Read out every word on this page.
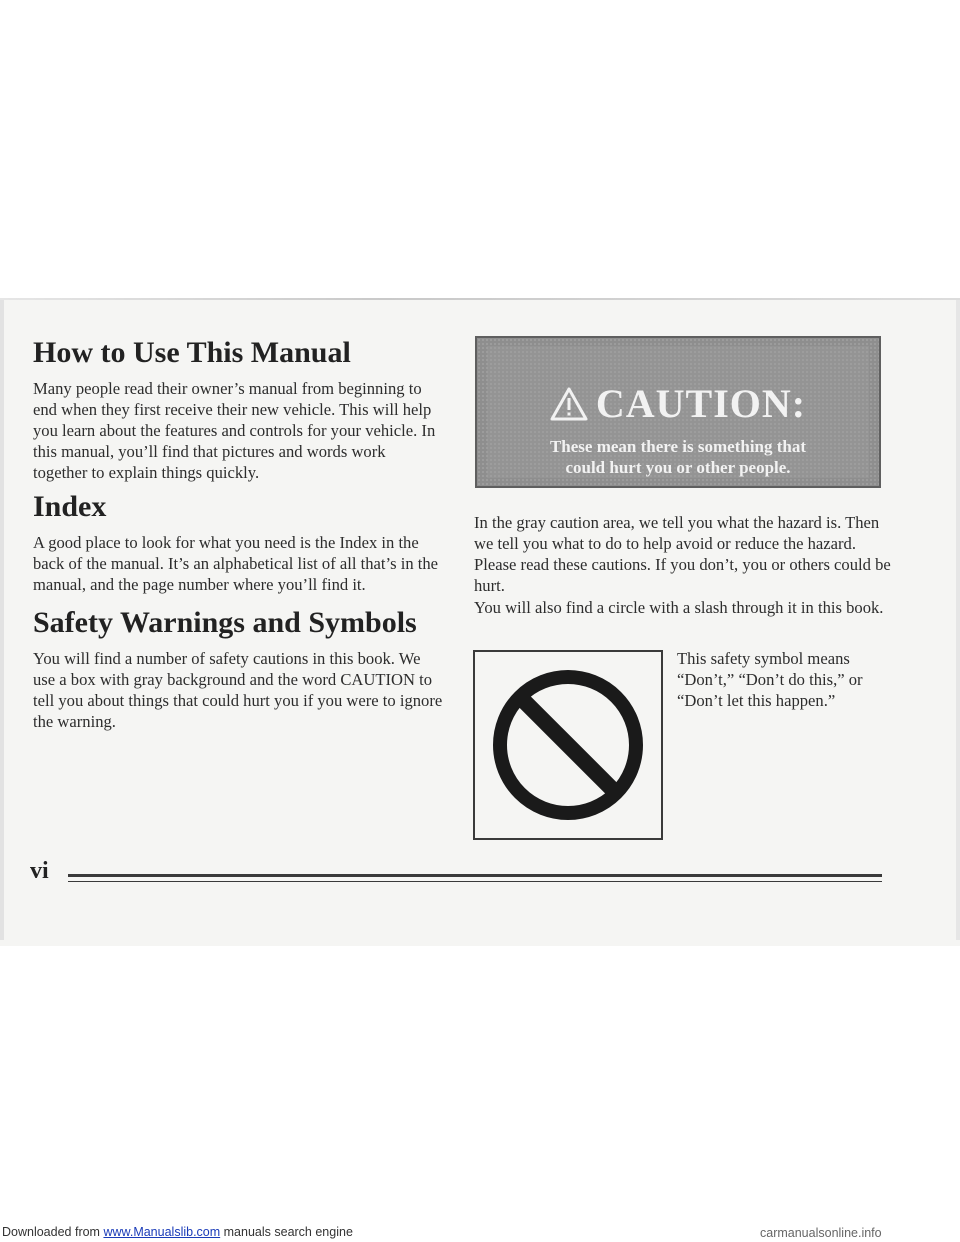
How to Use This Manual

Many people read their owner’s manual from beginning to end when they first receive their new vehicle. This will help you learn about the features and controls for your vehicle. In this manual, you’ll find that pictures and words work together to explain things quickly.

Index

A good place to look for what you need is the Index in the back of the manual. It’s an alphabetical list of all that’s in the manual, and the page number where you’ll find it.

Safety Warnings and Symbols

You will find a number of safety cautions in this book. We use a box with gray background and the word CAUTION to tell you about things that could hurt you if you were to ignore the warning.

CAUTION:
These mean there is something that
could hurt you or other people.

In the gray caution area, we tell you what the hazard is. Then we tell you what to do to help avoid or reduce the hazard. Please read these cautions. If you don’t, you or others could be hurt.

You will also find a circle with a slash through it in this book.

This safety symbol means “Don’t,” “Don’t do this,” or “Don’t let this happen.”

vi
Downloaded from www.Manualslib.com manuals search engine	carmanualsonline.info
